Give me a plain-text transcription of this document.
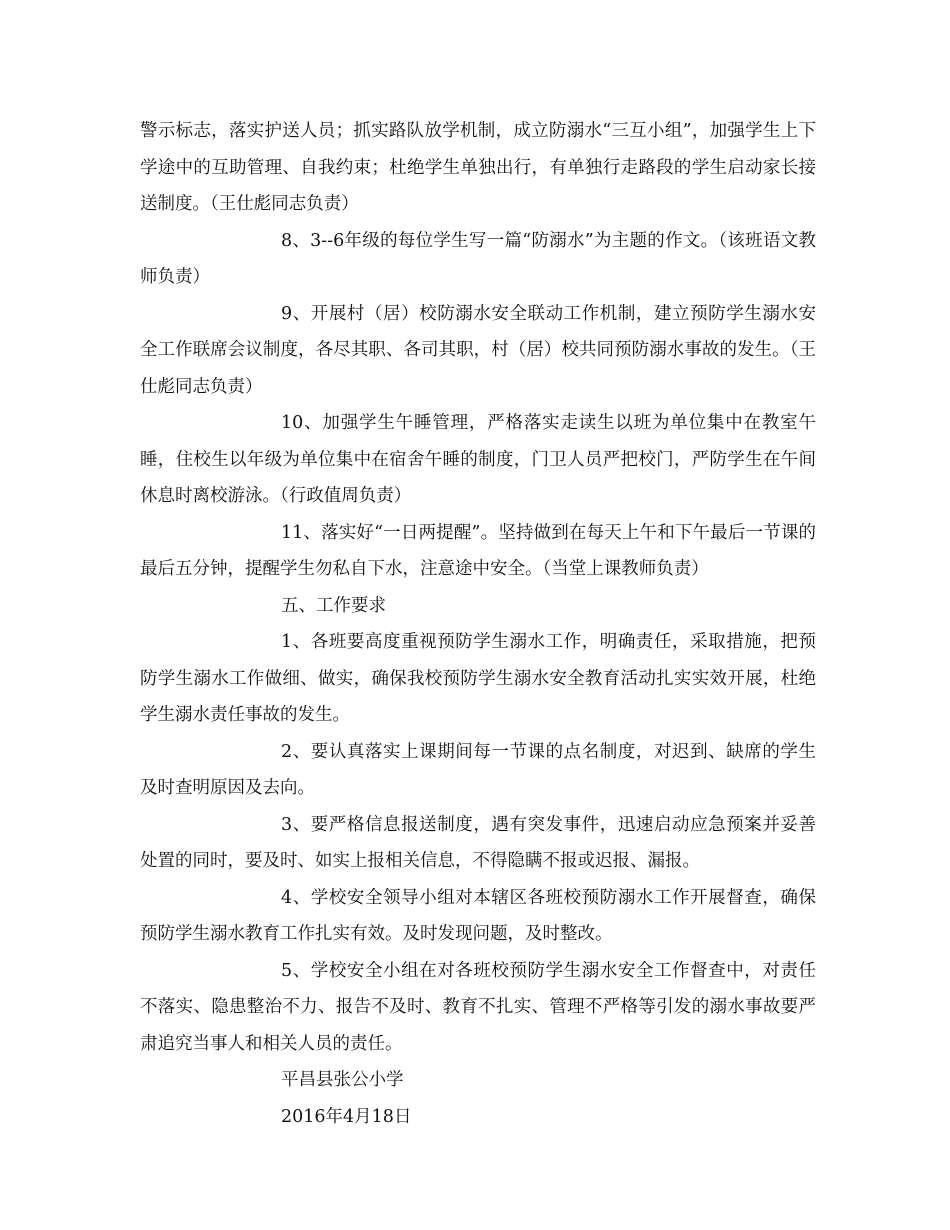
警示标志，落实护送人员；抓实路队放学机制，成立防溺水“三互小组”，加强学生上下学途中的互助管理、自我约束；杜绝学生单独出行，有单独行走路段的学生启动家长接送制度。（王仕彪同志负责）

8、3--6年级的每位学生写一篇“防溺水”为主题的作文。（该班语文教师负责）

9、开展村（居）校防溺水安全联动工作机制，建立预防学生溺水安全工作联席会议制度，各尽其职、各司其职，村（居）校共同预防溺水事故的发生。（王仕彪同志负责）

10、加强学生午睡管理，严格落实走读生以班为单位集中在教室午睡，住校生以年级为单位集中在宿舍午睡的制度，门卫人员严把校门，严防学生在午间休息时离校游泳。（行政值周负责）

11、落实好“一日两提醒”。坚持做到在每天上午和下午最后一节课的最后五分钟，提醒学生勿私自下水，注意途中安全。（当堂上课教师负责）

五、工作要求

1、各班要高度重视预防学生溺水工作，明确责任，采取措施，把预防学生溺水工作做细、做实，确保我校预防学生溺水安全教育活动扎实实效开展，杜绝学生溺水责任事故的发生。

2、要认真落实上课期间每一节课的点名制度，对迟到、缺席的学生及时查明原因及去向。

3、要严格信息报送制度，遇有突发事件，迅速启动应急预案并妥善处置的同时，要及时、如实上报相关信息，不得隐瞒不报或迟报、漏报。

4、学校安全领导小组对本辖区各班校预防溺水工作开展督查，确保预防学生溺水教育工作扎实有效。及时发现问题，及时整改。

5、学校安全小组在对各班校预防学生溺水安全工作督查中，对责任不落实、隐患整治不力、报告不及时、教育不扎实、管理不严格等引发的溺水事故要严肃追究当事人和相关人员的责任。

平昌县张公小学

2016年4月18日
